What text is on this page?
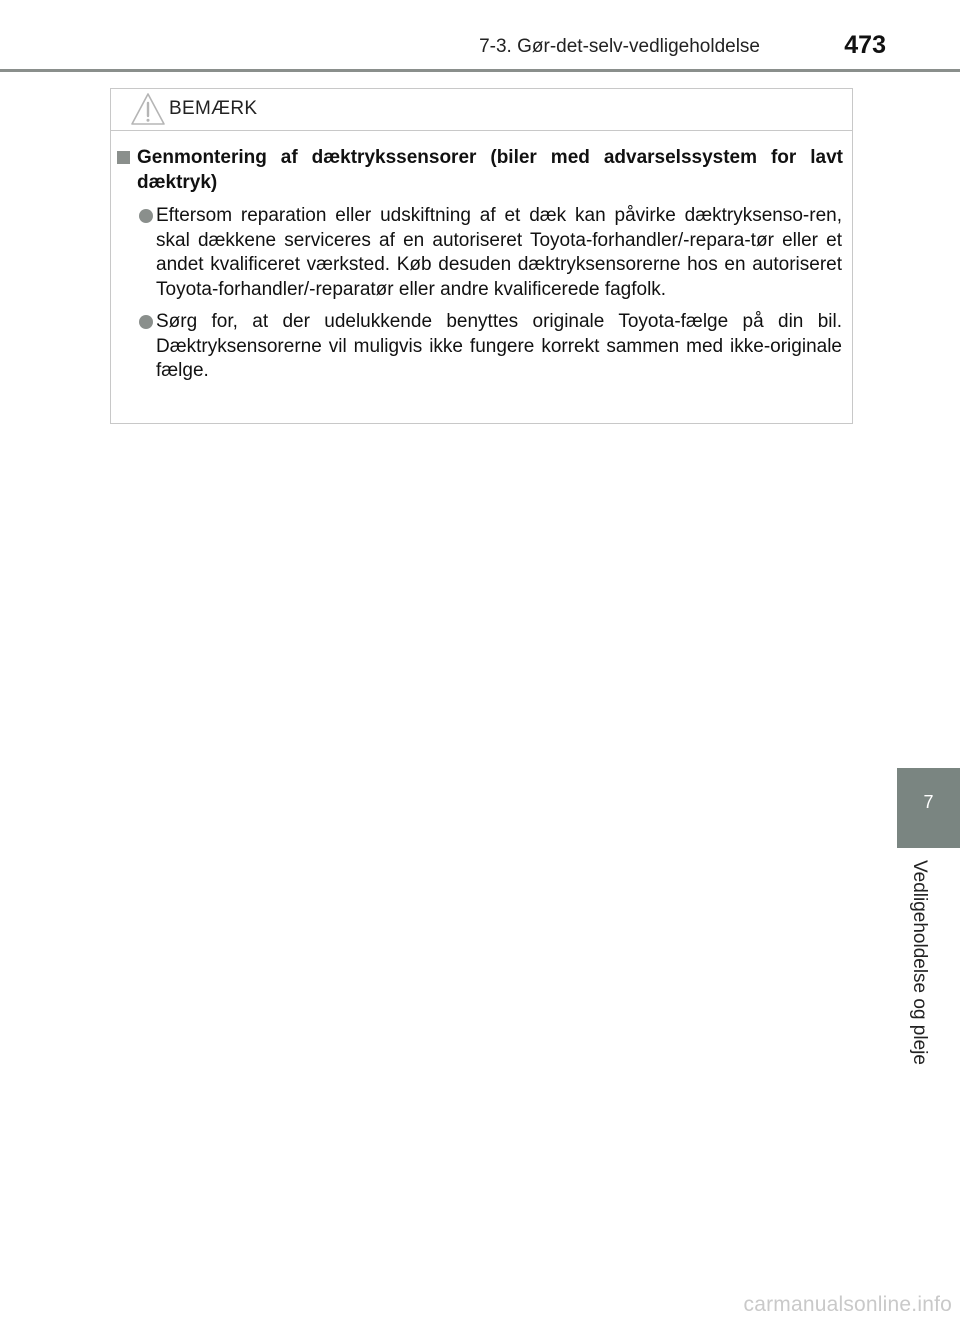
7-3. Gør-det-selv-vedligeholdelse	473
BEMÆRK
Genmontering af dæktrykssensorer (biler med advarselssystem for lavt dæktryk)
Eftersom reparation eller udskiftning af et dæk kan påvirke dæktryksenso-ren, skal dækkene serviceres af en autoriseret Toyota-forhandler/-repara-tør eller et andet kvalificeret værksted. Køb desuden dæktryksensorerne hos en autoriseret Toyota-forhandler/-reparatør eller andre kvalificerede fagfolk.
Sørg for, at der udelukkende benyttes originale Toyota-fælge på din bil. Dæktryksensorerne vil muligvis ikke fungere korrekt sammen med ikke-originale fælge.
7
Vedligeholdelse og pleje
carmanualsonline.info
